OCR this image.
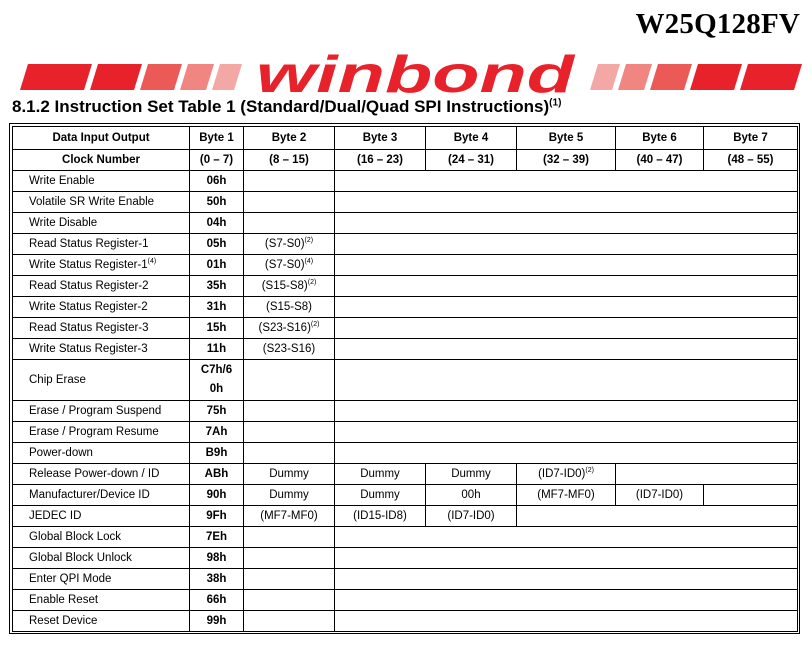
W25Q128FV
winbond
8.1.2 Instruction Set Table 1 (Standard/Dual/Quad SPI Instructions)$^{(1)}$
Data Input Output	Byte 1	Byte 2	Byte 3	Byte 4	Byte 5	Byte 6	Byte 7
Clock Number	(0 – 7)	(8 – 15)	(16 – 23)	(24 – 31)	(32 – 39)	(40 – 47)	(48 – 55)
Write Enable	06h						
Volatile SR Write Enable	50h						
Write Disable	04h						
Read Status Register-1	05h	(S7-S0)$^{(2)}$	
Write Status Register-1$^{(4)}$	01h	(S7-S0)$^{(4)}$	
Read Status Register-2	35h	(S15-S8)$^{(2)}$	
Write Status Register-2	31h	(S15-S8)					
Read Status Register-3	15h	(S23-S16)$^{(2)}$	
Write Status Register-3	11h	(S23-S16)					
Chip Erase	C7h/6
0h						
Erase / Program Suspend	75h						
Erase / Program Resume	7Ah						
Power-down	B9h						
Release Power-down / ID	ABh	Dummy	Dummy	Dummy	(ID7-ID0)$^{(2)}$	
Manufacturer/Device ID	90h	Dummy	Dummy	00h	(MF7-MF0)	(ID7-ID0)	
JEDEC ID	9Fh	(MF7-MF0)	(ID15-ID8)	(ID7-ID0)			
Global Block Lock	7Eh						
Global Block Unlock	98h						
Enter QPI Mode	38h						
Enable Reset	66h						
Reset Device	99h						
